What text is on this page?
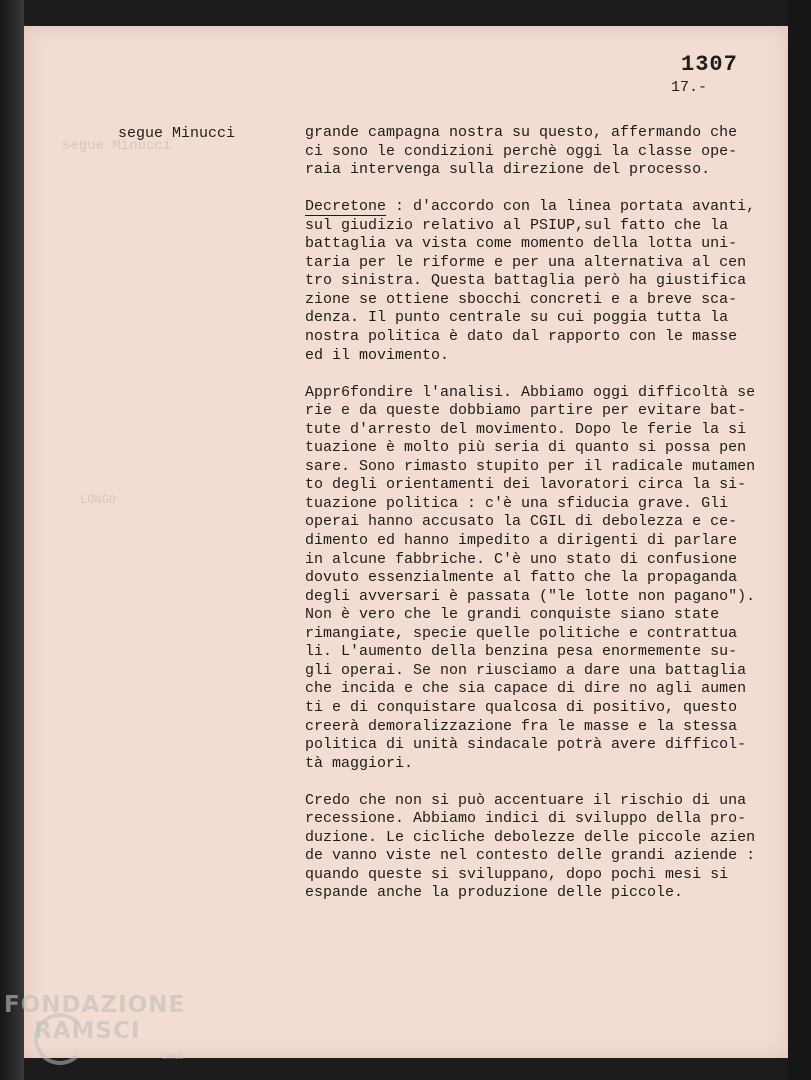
segue Minucci
LONGO
1307
17.-
segue Minucci	grande campagna nostra su questo, affermando che
ci sono le condizioni perchè oggi la classe ope-
raia intervenga sulla direzione del processo.
Decretone : d'accordo con la linea portata avanti,
sul giudizio relativo al PSIUP,sul fatto che la
battaglia va vista come momento della lotta uni-
taria per le riforme e per una alternativa al cen
tro sinistra. Questa battaglia però ha giustifica
zione se ottiene sbocchi concreti e a breve sca-
denza. Il punto centrale su cui poggia tutta la
nostra politica è dato dal rapporto con le masse
ed il movimento.
Appr6fondire l'analisi. Abbiamo oggi difficoltà se
rie e da queste dobbiamo partire per evitare bat-
tute d'arresto del movimento. Dopo le ferie la si
tuazione è molto più seria di quanto si possa pen
sare. Sono rimasto stupito per il radicale mutamen
to degli orientamenti dei lavoratori circa la si-
tuazione politica : c'è una sfiducia grave. Gli
operai hanno accusato la CGIL di debolezza e ce-
dimento ed hanno impedito a dirigenti di parlare
in alcune fabbriche. C'è uno stato di confusione
dovuto essenzialmente al fatto che la propaganda
degli avversari è passata ("le lotte non pagano").
Non è vero che le grandi conquiste siano state
rimangiate, specie quelle politiche e contrattua
li. L'aumento della benzina pesa enormemente su-
gli operai. Se non riusciamo a dare una battaglia
che incida e che sia capace di dire no agli aumen
ti e di conquistare qualcosa di positivo, questo
creerà demoralizzazione fra le masse e la stessa
politica di unità sindacale potrà avere difficol-
tà maggiori.
Credo che non si può accentuare il rischio di una
recessione. Abbiamo indici di sviluppo della pro-
duzione. Le cicliche debolezze delle piccole azien
de vanno viste nel contesto delle grandi aziende :
quando queste si sviluppano, dopo pochi mesi si
espande anche la produzione delle piccole.
FONDAZIONE
RAMSCI
onlus
